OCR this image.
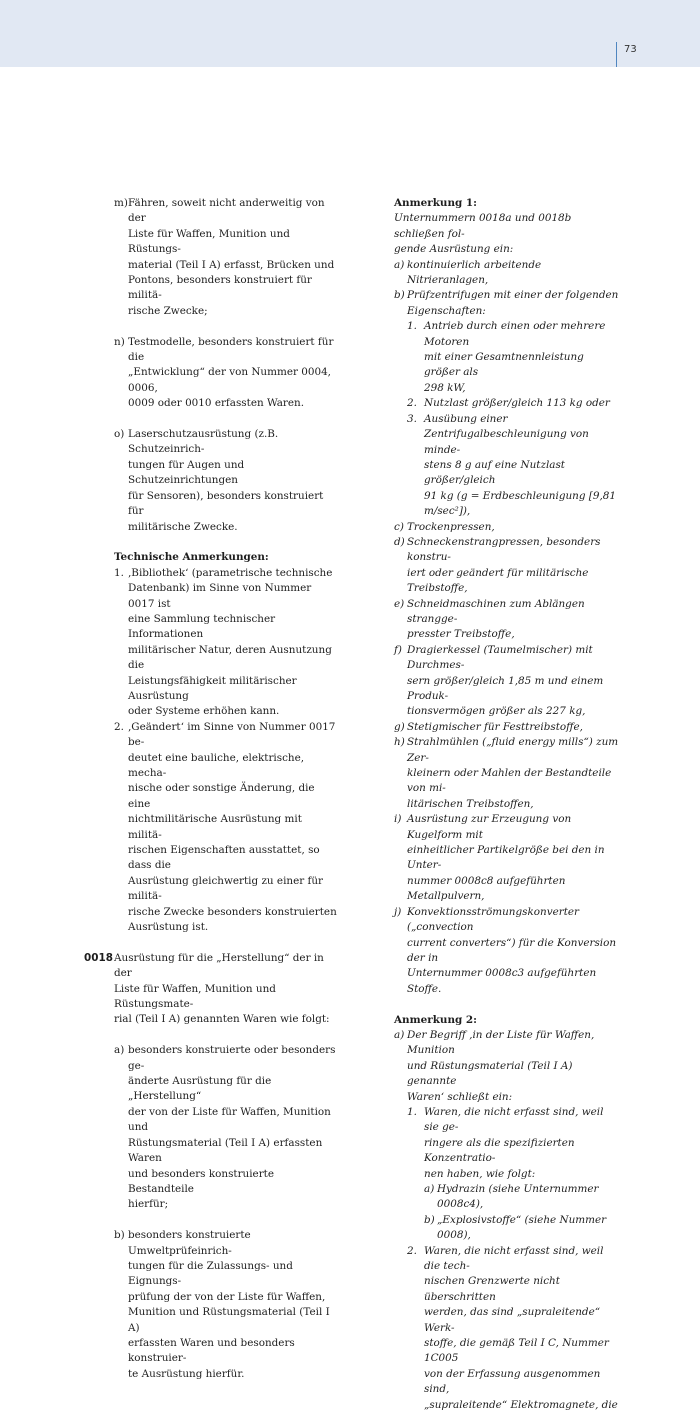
73
m) Fähren, soweit nicht anderweitig von der
Liste für Waffen, Munition und Rüstungs-
material (Teil I A) erfasst, Brücken und
Pontons, besonders konstruiert für militä-
rische Zwecke;
n) Testmodelle, besonders konstruiert für die
„Entwicklung“ der von Nummer 0004, 0006,
0009 oder 0010 erfassten Waren.
o) Laserschutzausrüstung (z.B. Schutzeinrich-
tungen für Augen und Schutzeinrichtungen
für Sensoren), besonders konstruiert für
militärische Zwecke.
Technische Anmerkungen:
1. ‚Bibliothek‘ (parametrische technische
Datenbank) im Sinne von Nummer 0017 ist
eine Sammlung technischer Informationen
militärischer Natur, deren Ausnutzung die
Leistungsfähigkeit militärischer Ausrüstung
oder Systeme erhöhen kann.
2. ‚Geändert‘ im Sinne von Nummer 0017 be-
deutet eine bauliche, elektrische, mecha-
nische oder sonstige Änderung, die eine
nichtmilitärische Ausrüstung mit militä-
rischen Eigenschaften ausstattet, so dass die
Ausrüstung gleichwertig zu einer für militä-
rische Zwecke besonders konstruierten
Ausrüstung ist.
0018 Ausrüstung für die „Herstellung“ der in der
Liste für Waffen, Munition und Rüstungsmate-
rial (Teil I A) genannten Waren wie folgt:
a) besonders konstruierte oder besonders ge-
änderte Ausrüstung für die „Herstellung“
der von der Liste für Waffen, Munition und
Rüstungsmaterial (Teil I A) erfassten Waren
und besonders konstruierte Bestandteile
hierfür;
b) besonders konstruierte Umweltprüfeinrich-
tungen für die Zulassungs- und Eignungs-
prüfung der von der Liste für Waffen,
Munition und Rüstungsmaterial (Teil I A)
erfassten Waren und besonders konstruier-
te Ausrüstung hierfür.
Anmerkung 1:
Unternummern 0018a und 0018b schließen fol-
gende Ausrüstung ein:
a) kontinuierlich arbeitende Nitrieranlagen,
b) Prüfzentrifugen mit einer der folgenden
Eigenschaften:
1. Antrieb durch einen oder mehrere Motoren
mit einer Gesamtnennleistung größer als
298 kW,
2. Nutzlast größer/gleich 113 kg oder
3. Ausübung einer
Zentrifugalbeschleunigung von minde-
stens 8 g auf eine Nutzlast größer/gleich
91 kg (g = Erdbeschleunigung [9,81 m/sec²]),
c) Trockenpressen,
d) Schneckenstrangpressen, besonders konstru-
iert oder geändert für militärische Treibstoffe,
e) Schneidmaschinen zum Ablängen strangge-
presster Treibstoffe,
f) Dragierkessel (Taumelmischer) mit Durchmes-
sern größer/gleich 1,85 m und einem Produk-
tionsvermögen größer als 227 kg,
g) Stetigmischer für Festtreibstoffe,
h) Strahlmühlen („fluid energy mills“) zum Zer-
kleinern oder Mahlen der Bestandteile von mi-
litärischen Treibstoffen,
i) Ausrüstung zur Erzeugung von Kugelform mit
einheitlicher Partikelgröße bei den in Unter-
nummer 0008c8 aufgeführten Metallpulvern,
j) Konvektionsströmungskonverter („convection
current converters“) für die Konversion der in
Unternummer 0008c3 aufgeführten Stoffe.
Anmerkung 2:
a) Der Begriff ‚in der Liste für Waffen, Munition
und Rüstungsmaterial (Teil I A) genannte
Waren‘ schließt ein:
1. Waren, die nicht erfasst sind, weil sie ge-
ringere als die spezifizierten Konzentratio-
nen haben, wie folgt:
a) Hydrazin (siehe Unternummer 0008c4),
b) „Explosivstoffe“ (siehe Nummer 0008),
2. Waren, die nicht erfasst sind, weil die tech-
nischen Grenzwerte nicht überschritten
werden, das sind „supraleitende“ Werk-
stoffe, die gemäß Teil I C, Nummer 1C005
von der Erfassung ausgenommen sind,
„supraleitende“ Elektromagnete, die
